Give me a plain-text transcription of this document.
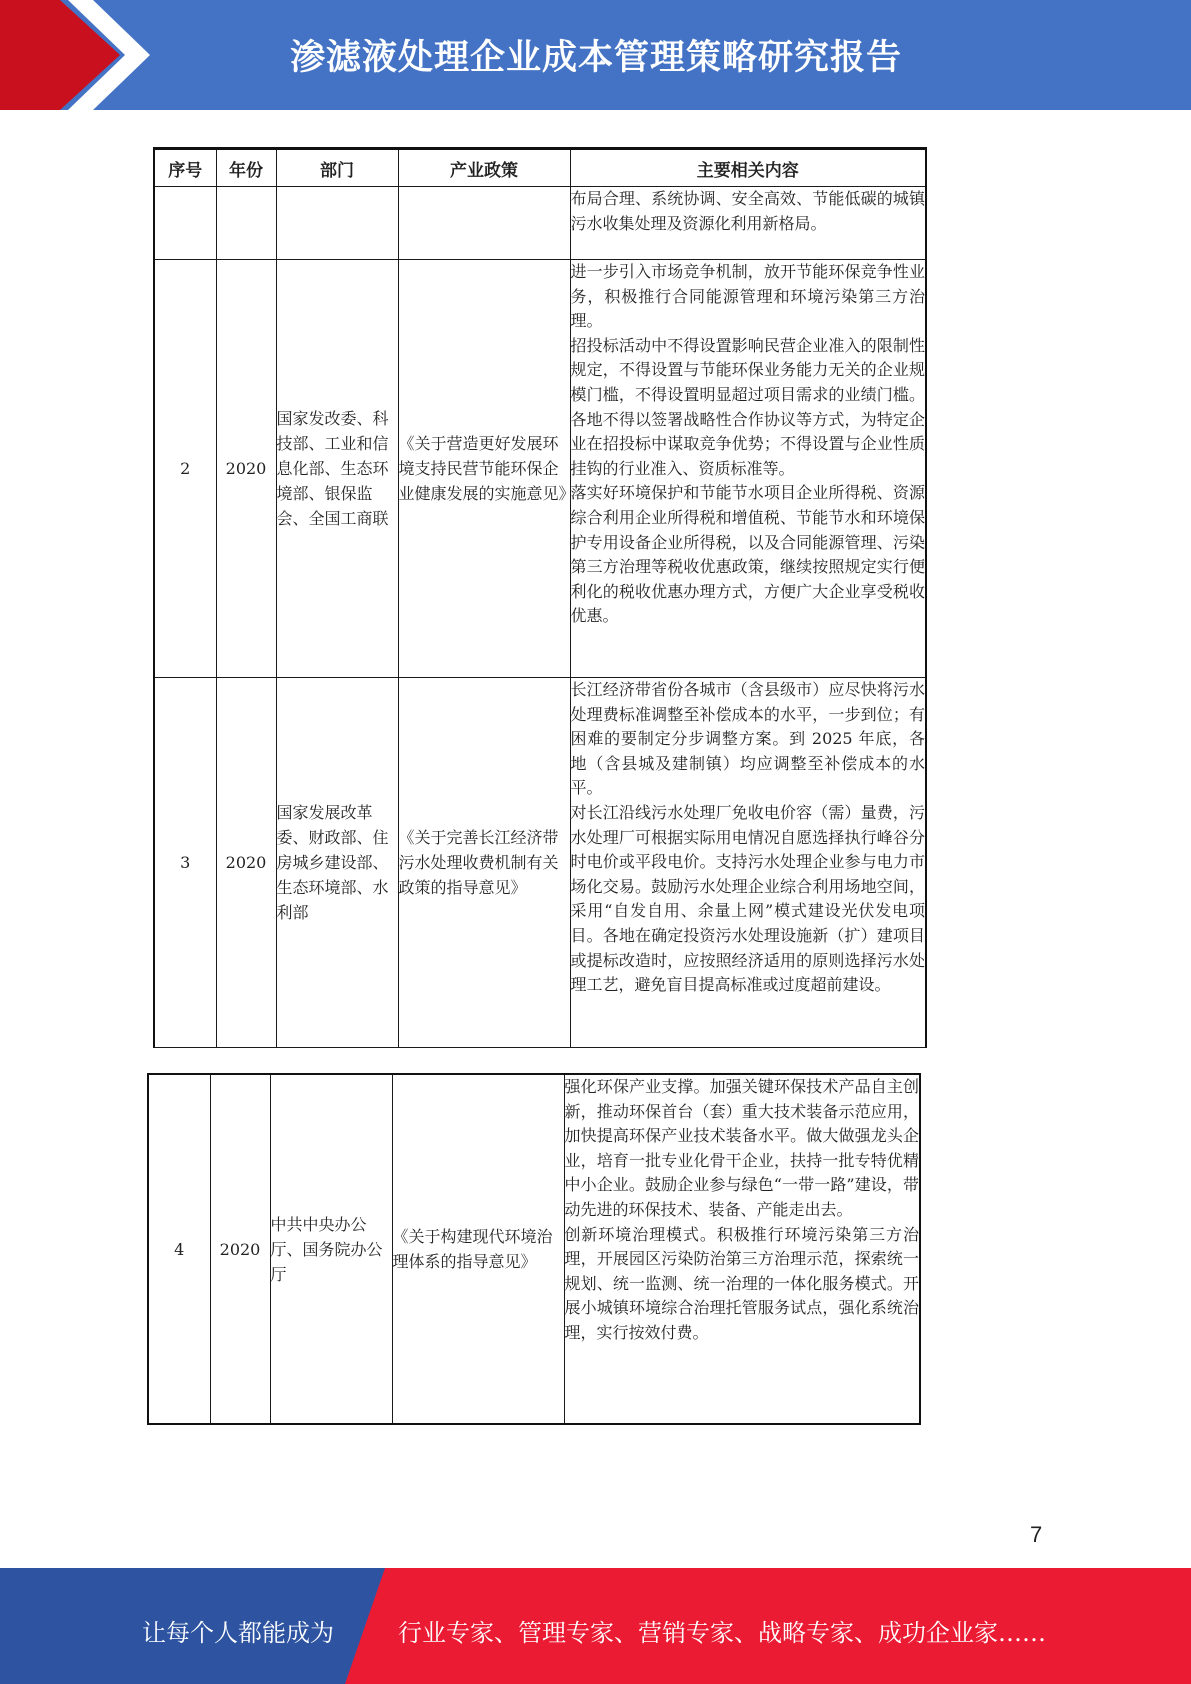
渗滤液处理企业成本管理策略研究报告
序号	年份	部门	产业政策	主要相关内容

				布局合理、系统协调、安全高效、节能低碳的城镇污水收集处理及资源化利用新格局。

2	2020	国家发改委、科技部、工业和信息化部、生态环境部、银保监会、全国工商联	《关于营造更好发展环境支持民营节能环保企业健康发展的实施意见》	进一步引入市场竞争机制，放开节能环保竞争性业务，积极推行合同能源管理和环境污染第三方治理。
招投标活动中不得设置影响民营企业准入的限制性规定，不得设置与节能环保业务能力无关的企业规模门槛，不得设置明显超过项目需求的业绩门槛。各地不得以签署战略性合作协议等方式，为特定企业在招投标中谋取竞争优势；不得设置与企业性质挂钩的行业准入、资质标准等。
落实好环境保护和节能节水项目企业所得税、资源综合利用企业所得税和增值税、节能节水和环境保护专用设备企业所得税，以及合同能源管理、污染第三方治理等税收优惠政策，继续按照规定实行便利化的税收优惠办理方式，方便广大企业享受税收优惠。

3	2020	国家发展改革委、财政部、住房城乡建设部、生态环境部、水利部	《关于完善长江经济带污水处理收费机制有关政策的指导意见》	长江经济带省份各城市（含县级市）应尽快将污水处理费标准调整至补偿成本的水平，一步到位；有困难的要制定分步调整方案。到 2025 年底，各地（含县城及建制镇）均应调整至补偿成本的水平。
对长江沿线污水处理厂免收电价容（需）量费，污水处理厂可根据实际用电情况自愿选择执行峰谷分时电价或平段电价。支持污水处理企业参与电力市场化交易。鼓励污水处理企业综合利用场地空间，采用“自发自用、余量上网”模式建设光伏发电项目。各地在确定投资污水处理设施新（扩）建项目或提标改造时，应按照经济适用的原则选择污水处理工艺，避免盲目提高标准或过度超前建设。
4	2020	中共中央办公厅、国务院办公厅	《关于构建现代环境治理体系的指导意见》	
强化环保产业支撑。加强关键环保技术产品自主创新，推动环保首台（套）重大技术装备示范应用，加快提高环保产业技术装备水平。做大做强龙头企业，培育一批专业化骨干企业，扶持一批专特优精中小企业。鼓励企业参与绿色“一带一路”建设，带动先进的环保技术、装备、产能走出去。
创新环境治理模式。积极推行环境污染第三方治理，开展园区污染防治第三方治理示范，探索统一规划、统一监测、统一治理的一体化服务模式。开展小城镇环境综合治理托管服务试点，强化系统治理，实行按效付费。
7
让每个人都能成为	行业专家、管理专家、营销专家、战略专家、成功企业家……
